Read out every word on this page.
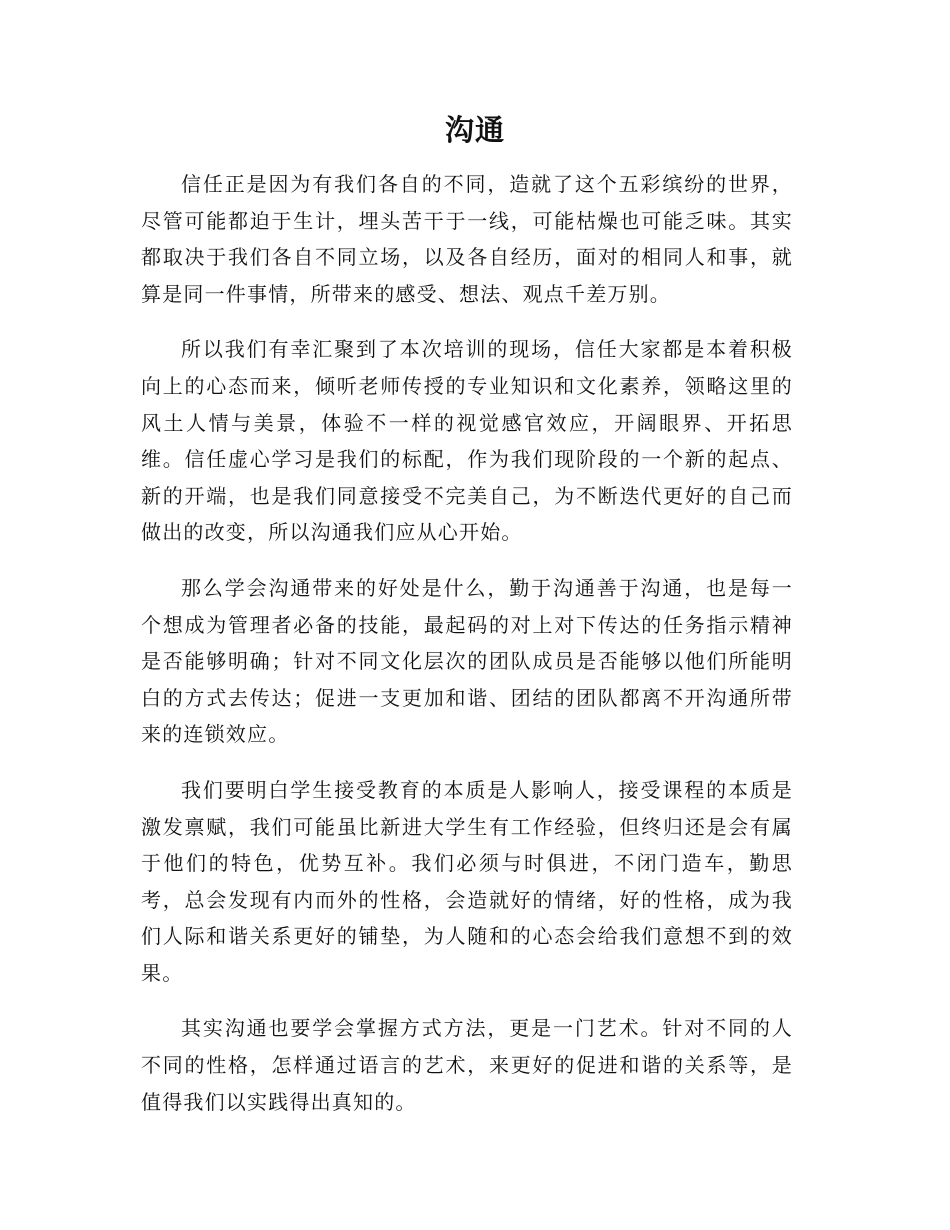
沟通

信任正是因为有我们各自的不同，造就了这个五彩缤纷的世界，尽管可能都迫于生计，埋头苦干于一线，可能枯燥也可能乏味。其实都取决于我们各自不同立场，以及各自经历，面对的相同人和事，就算是同一件事情，所带来的感受、想法、观点千差万别。

所以我们有幸汇聚到了本次培训的现场，信任大家都是本着积极向上的心态而来，倾听老师传授的专业知识和文化素养，领略这里的风土人情与美景，体验不一样的视觉感官效应，开阔眼界、开拓思维。信任虚心学习是我们的标配，作为我们现阶段的一个新的起点、新的开端，也是我们同意接受不完美自己，为不断迭代更好的自己而做出的改变，所以沟通我们应从心开始。

那么学会沟通带来的好处是什么，勤于沟通善于沟通，也是每一个想成为管理者必备的技能，最起码的对上对下传达的任务指示精神是否能够明确；针对不同文化层次的团队成员是否能够以他们所能明白的方式去传达；促进一支更加和谐、团结的团队都离不开沟通所带来的连锁效应。

我们要明白学生接受教育的本质是人影响人，接受课程的本质是激发禀赋，我们可能虽比新进大学生有工作经验，但终归还是会有属于他们的特色，优势互补。我们必须与时俱进，不闭门造车，勤思考，总会发现有内而外的性格，会造就好的情绪，好的性格，成为我们人际和谐关系更好的铺垫，为人随和的心态会给我们意想不到的效果。

其实沟通也要学会掌握方式方法，更是一门艺术。针对不同的人不同的性格，怎样通过语言的艺术，来更好的促进和谐的关系等，是值得我们以实践得出真知的。
